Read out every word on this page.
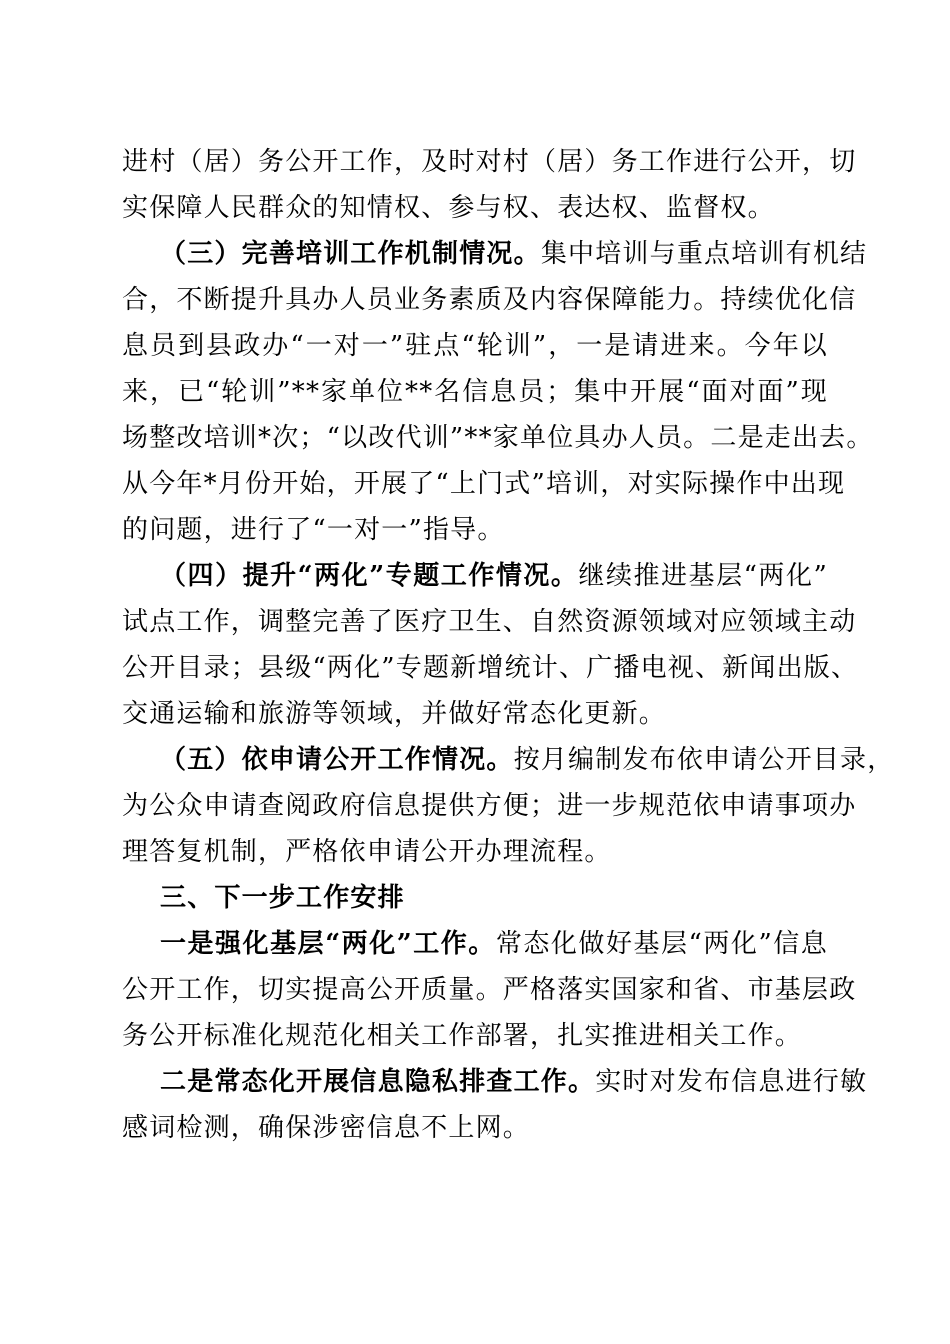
进村（居）务公开工作，及时对村（居）务工作进行公开，切
实保障人民群众的知情权、参与权、表达权、监督权。
（三）完善培训工作机制情况。集中培训与重点培训有机结
合，不断提升具办人员业务素质及内容保障能力。持续优化信
息员到县政办“一对一”驻点“轮训”，一是请进来。今年以
来，已“轮训”**家单位**名信息员；集中开展“面对面”现
场整改培训*次；“以改代训”**家单位具办人员。二是走出去。
从今年*月份开始，开展了“上门式”培训，对实际操作中出现
的问题，进行了“一对一”指导。
（四）提升“两化”专题工作情况。继续推进基层“两化”
试点工作，调整完善了医疗卫生、自然资源领域对应领域主动
公开目录；县级“两化”专题新增统计、广播电视、新闻出版、
交通运输和旅游等领域，并做好常态化更新。
（五）依申请公开工作情况。按月编制发布依申请公开目录，
为公众申请查阅政府信息提供方便；进一步规范依申请事项办
理答复机制，严格依申请公开办理流程。
三、下一步工作安排
一是强化基层“两化”工作。常态化做好基层“两化”信息
公开工作，切实提高公开质量。严格落实国家和省、市基层政
务公开标准化规范化相关工作部署，扎实推进相关工作。
二是常态化开展信息隐私排查工作。实时对发布信息进行敏
感词检测，确保涉密信息不上网。
